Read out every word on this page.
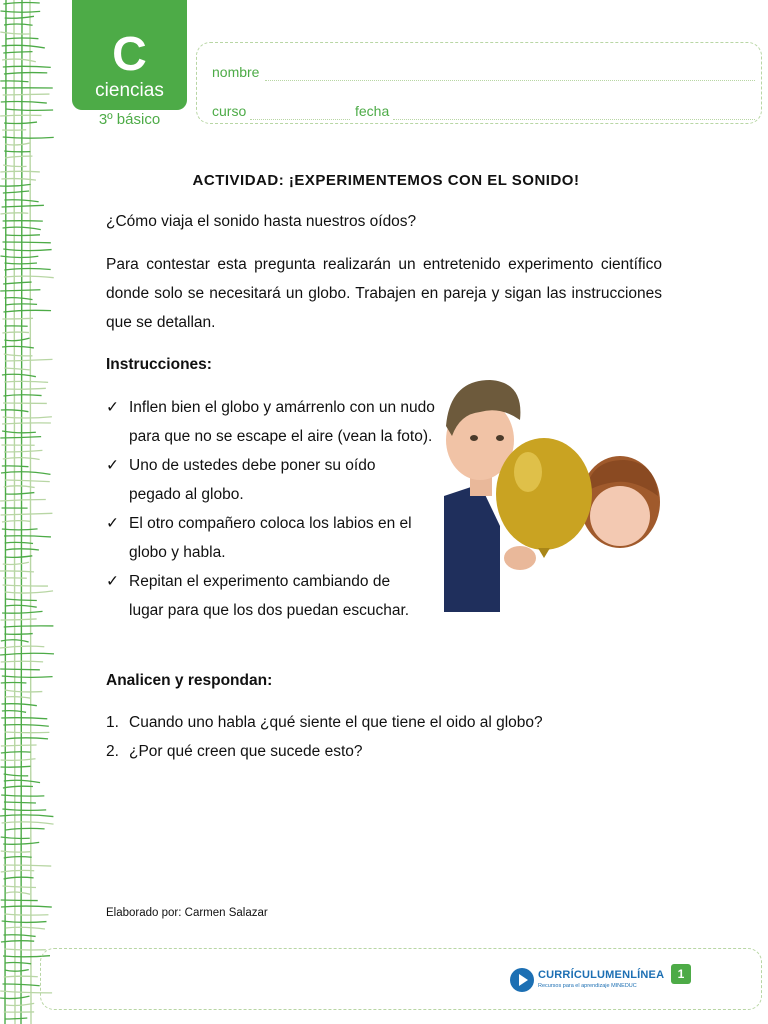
C
ciencias
3º básico
nombre
curso	fecha
ACTIVIDAD: ¡EXPERIMENTEMOS CON EL SONIDO!
¿Cómo viaja el sonido hasta nuestros oídos?
Para contestar esta pregunta realizarán un entretenido experimento científico donde solo se necesitará un globo. Trabajen en pareja y sigan las instrucciones que se detallan.
Instrucciones:
✓ Inflen bien el globo y amárrenlo con un nudo para que no se escape el aire (vean la foto).
✓ Uno de ustedes debe poner su oído pegado al globo.
✓ El otro compañero coloca los labios en el globo y habla.
✓ Repitan el experimento cambiando de lugar para que los dos puedan escuchar.
Analicen y respondan:
1. Cuando uno habla ¿qué siente el que tiene el oido al globo?
2. ¿Por qué creen que sucede esto?
Elaborado por: Carmen Salazar
CURRÍCULUMENLÍNEA
Recursos para el aprendizaje MINEDUC
1
